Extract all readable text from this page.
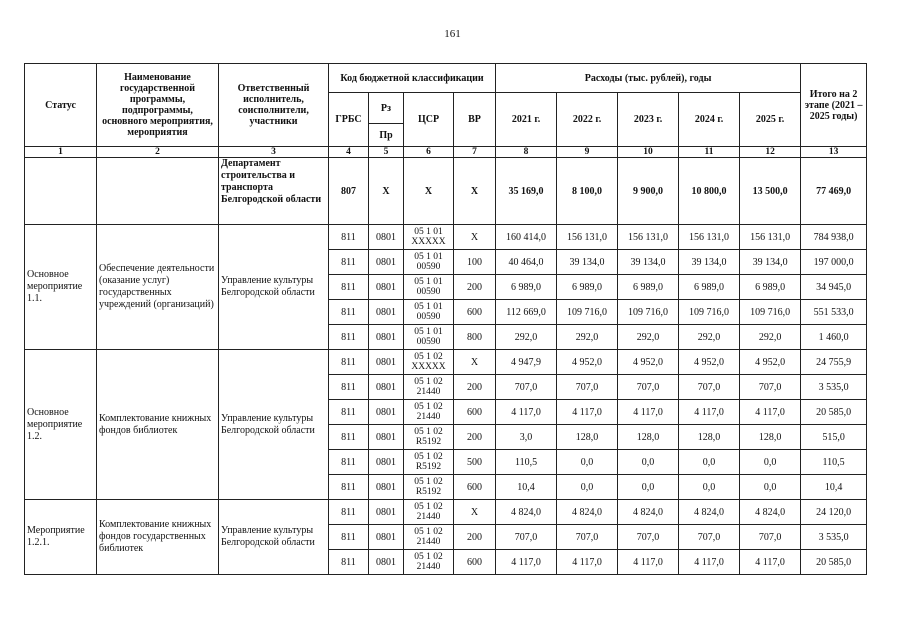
161
Статус	Наименование государственной программы, подпрограммы, основного мероприятия, мероприятия	Ответственный исполнитель, соисполнители, участники	Код бюджетной классификации				Расходы (тыс. рублей), годы					Итого на 2 этапе (2021 – 2025 годы)
			ГРБС	Рз	ЦСР	ВР	2021 г.	2022 г.	2023 г.	2024 г.	2025 г.	
				Пр								
1	2	3	4	5	6	7	8	9	10	11	12	13
		Департамент строительства и транспорта Белгородской области	807	Х	Х	Х	35 169,0	8 100,0	9 900,0	10 800,0	13 500,0	77 469,0
Основное мероприятие 1.1.	Обеспечение деятельности (оказание услуг) государственных учреждений (организаций)	Управление культуры Белгородской области	811	0801	05 1 01
ХХХХХ	Х	160 414,0	156 131,0	156 131,0	156 131,0	156 131,0	784 938,0
			811	0801	05 1 01
00590	100	40 464,0	39 134,0	39 134,0	39 134,0	39 134,0	197 000,0
			811	0801	05 1 01
00590	200	6 989,0	6 989,0	6 989,0	6 989,0	6 989,0	34 945,0
			811	0801	05 1 01
00590	600	112 669,0	109 716,0	109 716,0	109 716,0	109 716,0	551 533,0
			811	0801	05 1 01
00590	800	292,0	292,0	292,0	292,0	292,0	1 460,0
Основное мероприятие 1.2.	Комплектование книжных фондов библиотек	Управление культуры Белгородской области	811	0801	05 1 02
ХХХХХ	Х	4 947,9	4 952,0	4 952,0	4 952,0	4 952,0	24 755,9
			811	0801	05 1 02
21440	200	707,0	707,0	707,0	707,0	707,0	3 535,0
			811	0801	05 1 02
21440	600	4 117,0	4 117,0	4 117,0	4 117,0	4 117,0	20 585,0
			811	0801	05 1 02
R5192	200	3,0	128,0	128,0	128,0	128,0	515,0
			811	0801	05 1 02
R5192	500	110,5	0,0	0,0	0,0	0,0	110,5
			811	0801	05 1 02
R5192	600	10,4	0,0	0,0	0,0	0,0	10,4
Мероприятие 1.2.1.	Комплектование книжных фондов государственных библиотек	Управление культуры Белгородской области	811	0801	05 1 02
21440	Х	4 824,0	4 824,0	4 824,0	4 824,0	4 824,0	24 120,0
			811	0801	05 1 02
21440	200	707,0	707,0	707,0	707,0	707,0	3 535,0
			811	0801	05 1 02
21440	600	4 117,0	4 117,0	4 117,0	4 117,0	4 117,0	20 585,0
